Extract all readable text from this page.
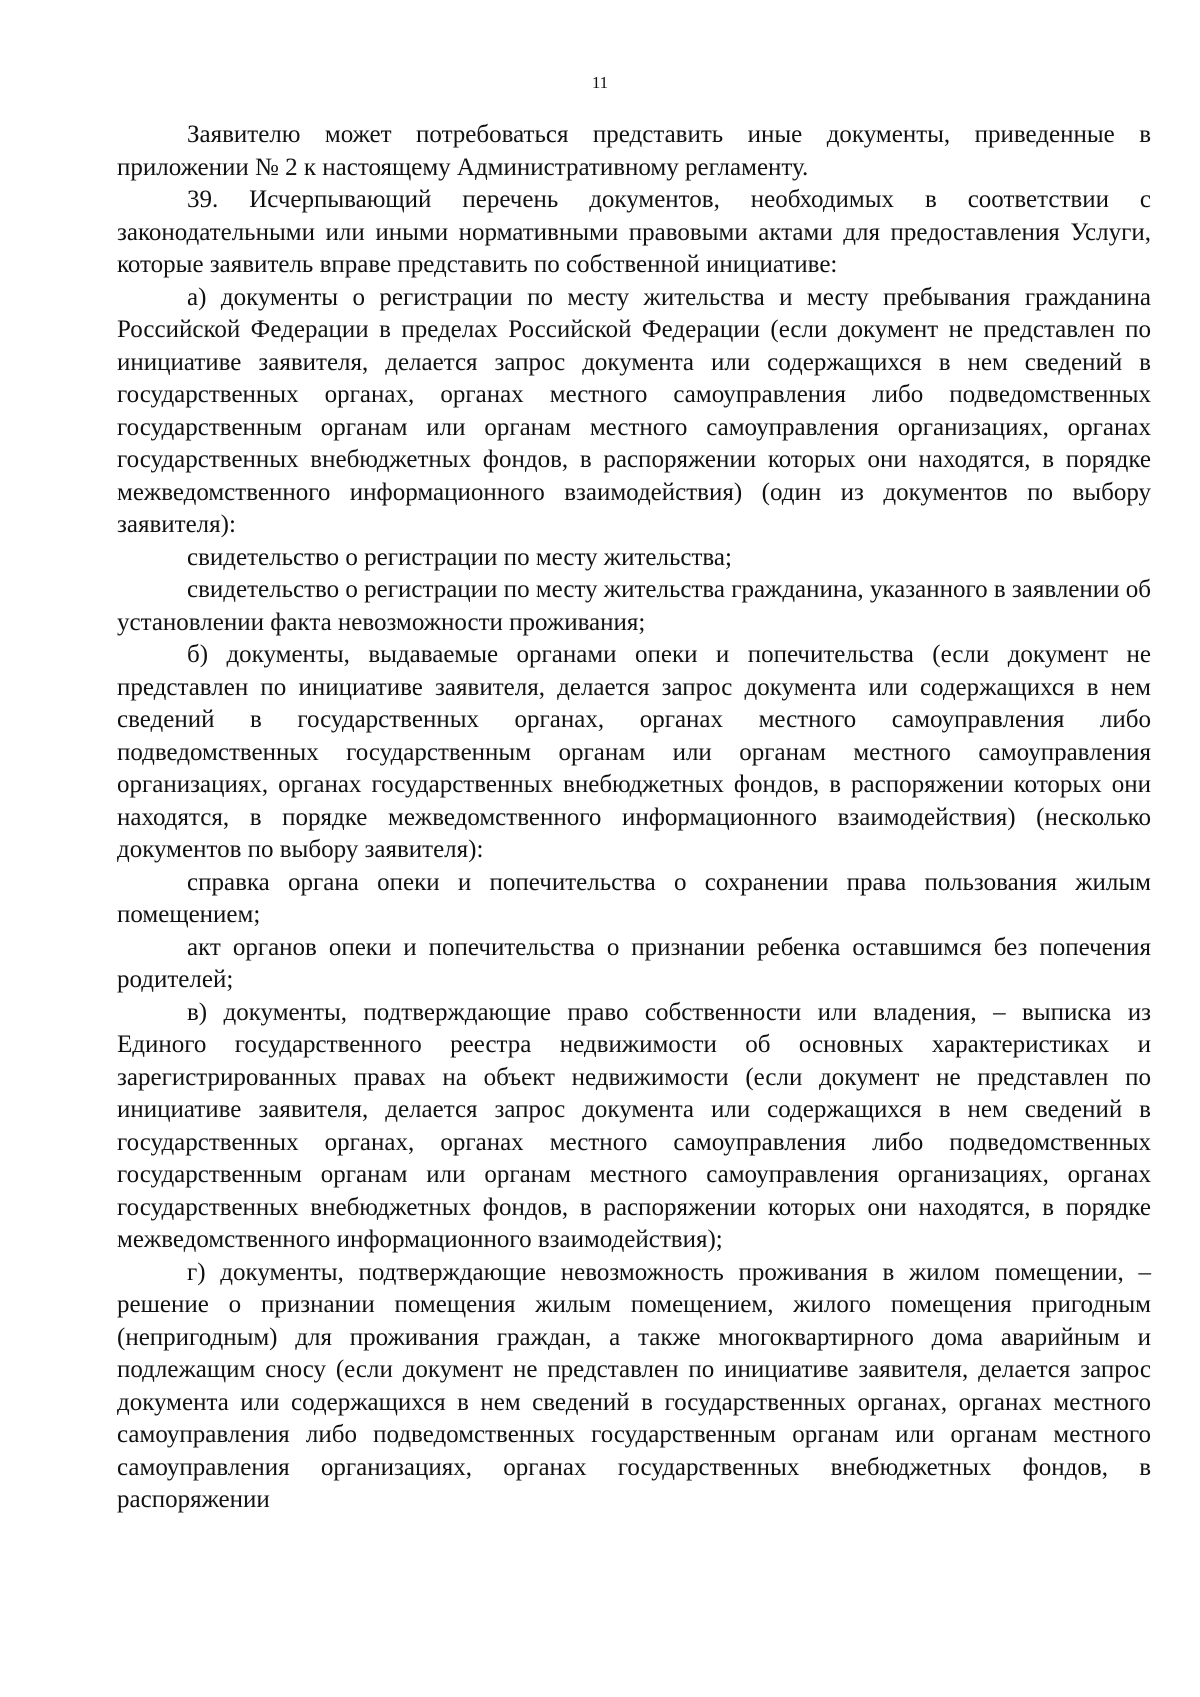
11

Заявителю может потребоваться представить иные документы, приведенные в приложении № 2 к настоящему Административному регламенту.

39. Исчерпывающий перечень документов, необходимых в соответствии с законодательными или иными нормативными правовыми актами для предоставления Услуги, которые заявитель вправе представить по собственной инициативе:

а) документы о регистрации по месту жительства и месту пребывания гражданина Российской Федерации в пределах Российской Федерации (если документ не представлен по инициативе заявителя, делается запрос документа или содержащихся в нем сведений в государственных органах, органах местного самоуправления либо подведомственных государственным органам или органам местного самоуправления организациях, органах государственных внебюджетных фондов, в распоряжении которых они находятся, в порядке межведомственного информационного взаимодействия) (один из документов по выбору заявителя):

свидетельство о регистрации по месту жительства;

свидетельство о регистрации по месту жительства гражданина, указанного в заявлении об установлении факта невозможности проживания;

б) документы, выдаваемые органами опеки и попечительства (если документ не представлен по инициативе заявителя, делается запрос документа или содержащихся в нем сведений в государственных органах, органах местного самоуправления либо подведомственных государственным органам или органам местного самоуправления организациях, органах государственных внебюджетных фондов, в распоряжении которых они находятся, в порядке межведомственного информационного взаимодействия) (несколько документов по выбору заявителя):

справка органа опеки и попечительства о сохранении права пользования жилым помещением;

акт органов опеки и попечительства о признании ребенка оставшимся без попечения родителей;

в) документы, подтверждающие право собственности или владения, – выписка из Единого государственного реестра недвижимости об основных характеристиках и зарегистрированных правах на объект недвижимости (если документ не представлен по инициативе заявителя, делается запрос документа или содержащихся в нем сведений в государственных органах, органах местного самоуправления либо подведомственных государственным органам или органам местного самоуправления организациях, органах государственных внебюджетных фондов, в распоряжении которых они находятся, в порядке межведомственного информационного взаимодействия);

г) документы, подтверждающие невозможность проживания в жилом помещении, – решение о признании помещения жилым помещением, жилого помещения пригодным (непригодным) для проживания граждан, а также многоквартирного дома аварийным и подлежащим сносу (если документ не представлен по инициативе заявителя, делается запрос документа или содержащихся в нем сведений в государственных органах, органах местного самоуправления либо подведомственных государственным органам или органам местного самоуправления организациях, органах государственных внебюджетных фондов, в распоряжении
